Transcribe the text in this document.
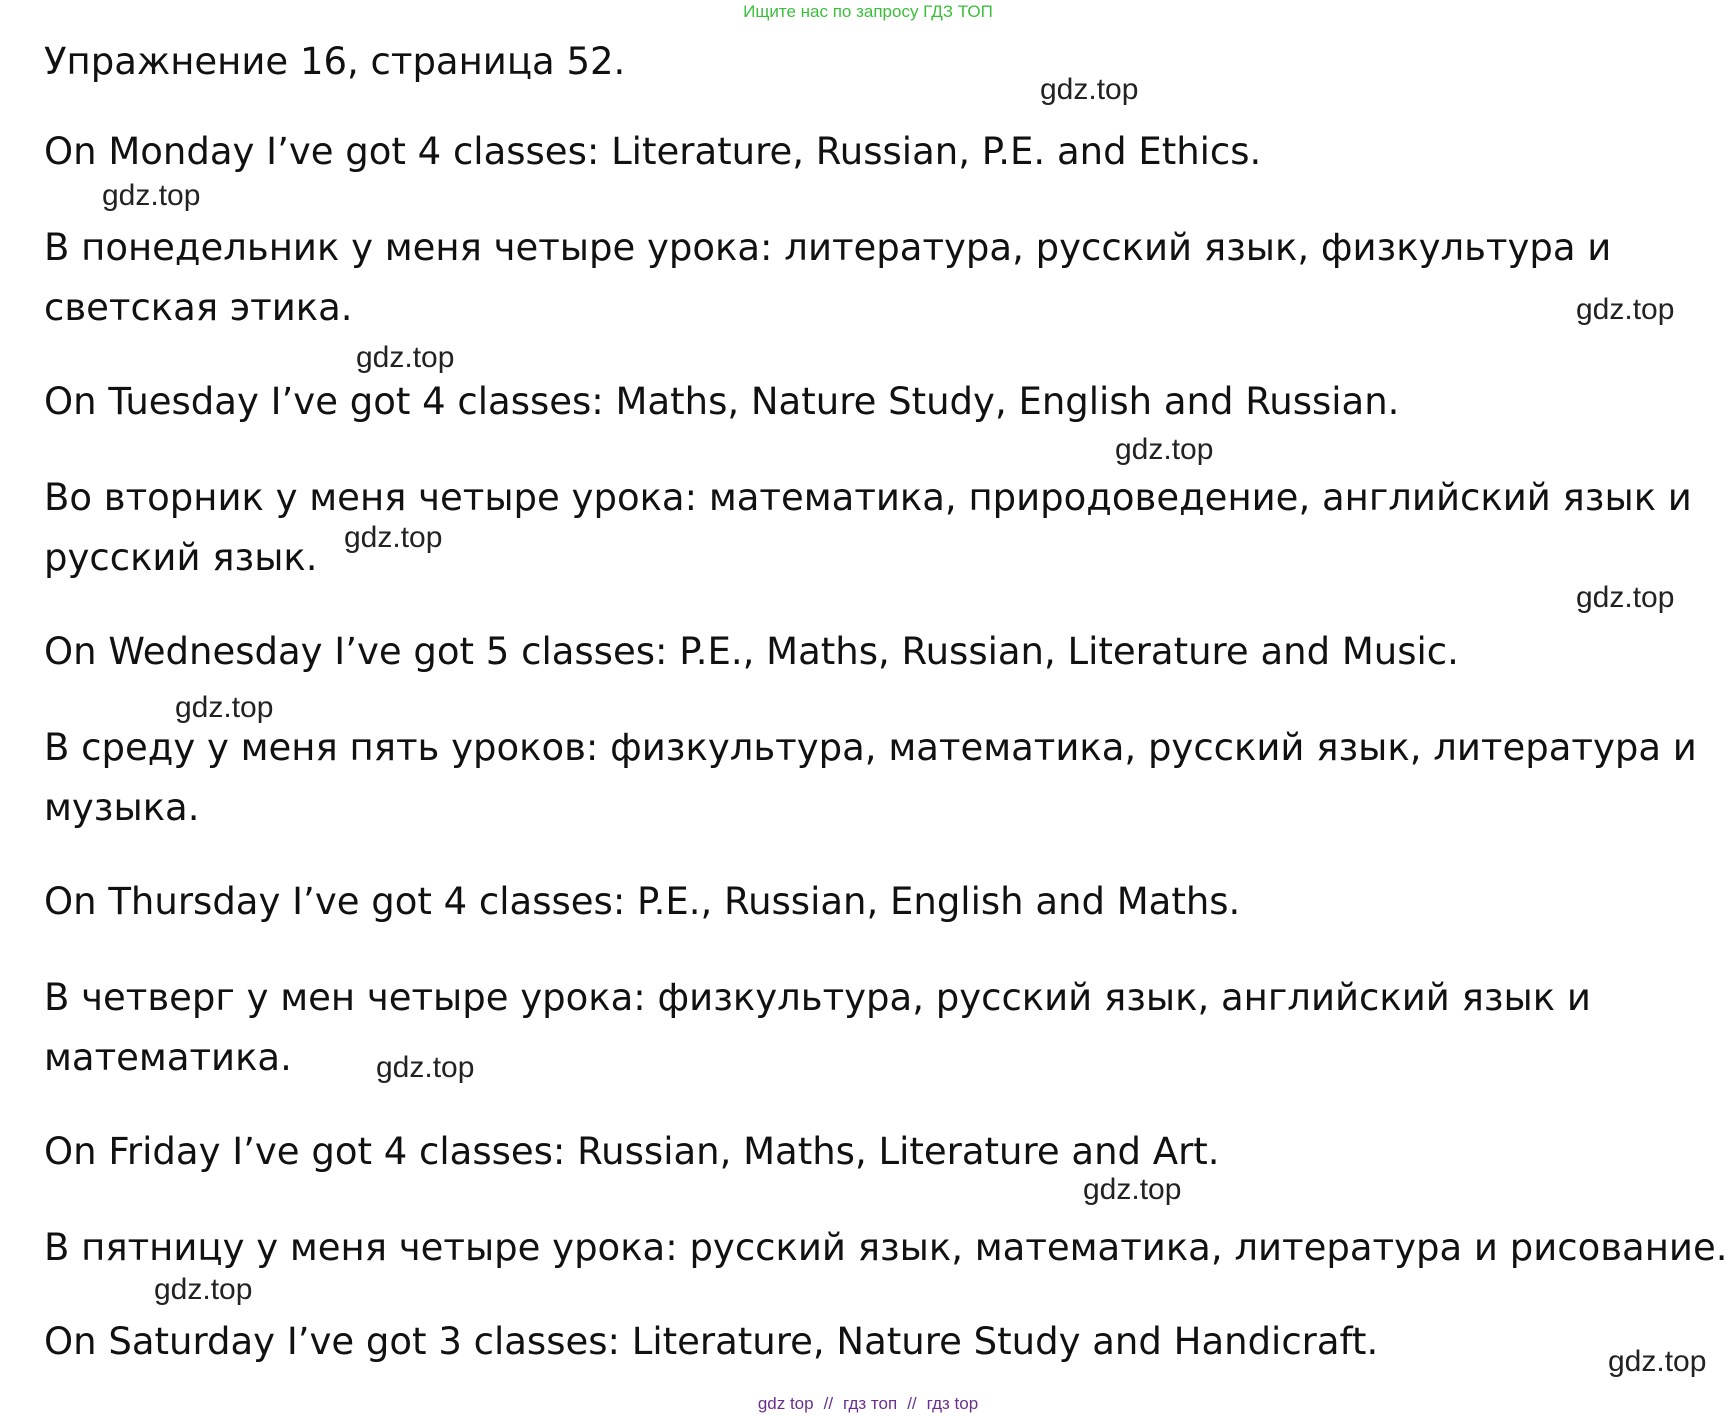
Ищите нас по запросу ГДЗ ТОП
Упражнение 16, страница 52.
On Monday I’ve got 4 classes: Literature, Russian, P.E. and Ethics.
В понедельник у меня четыре урока: литература, русский язык, физкультура и
светская этика.
On Tuesday I’ve got 4 classes: Maths, Nature Study, English and Russian.
Во вторник у меня четыре урока: математика, природоведение, английский язык и
русский язык.
On Wednesday I’ve got 5 classes: P.E., Maths, Russian, Literature and Music.
В среду у меня пять уроков: физкультура, математика, русский язык, литература и
музыка.
On Thursday I’ve got 4 classes: P.E., Russian, English and Maths.
В четверг у мен четыре урока: физкультура, русский язык, английский язык и
математика.
On Friday I’ve got 4 classes: Russian, Maths, Literature and Art.
В пятницу у меня четыре урока: русский язык, математика, литература и рисование.
On Saturday I’ve got 3 classes: Literature, Nature Study and Handicraft.
gdz.top
gdz.top
gdz.top
gdz.top
gdz.top
gdz.top
gdz.top
gdz.top
gdz.top
gdz.top
gdz.top
gdz.top
gdz top // гдз топ // гдз top
